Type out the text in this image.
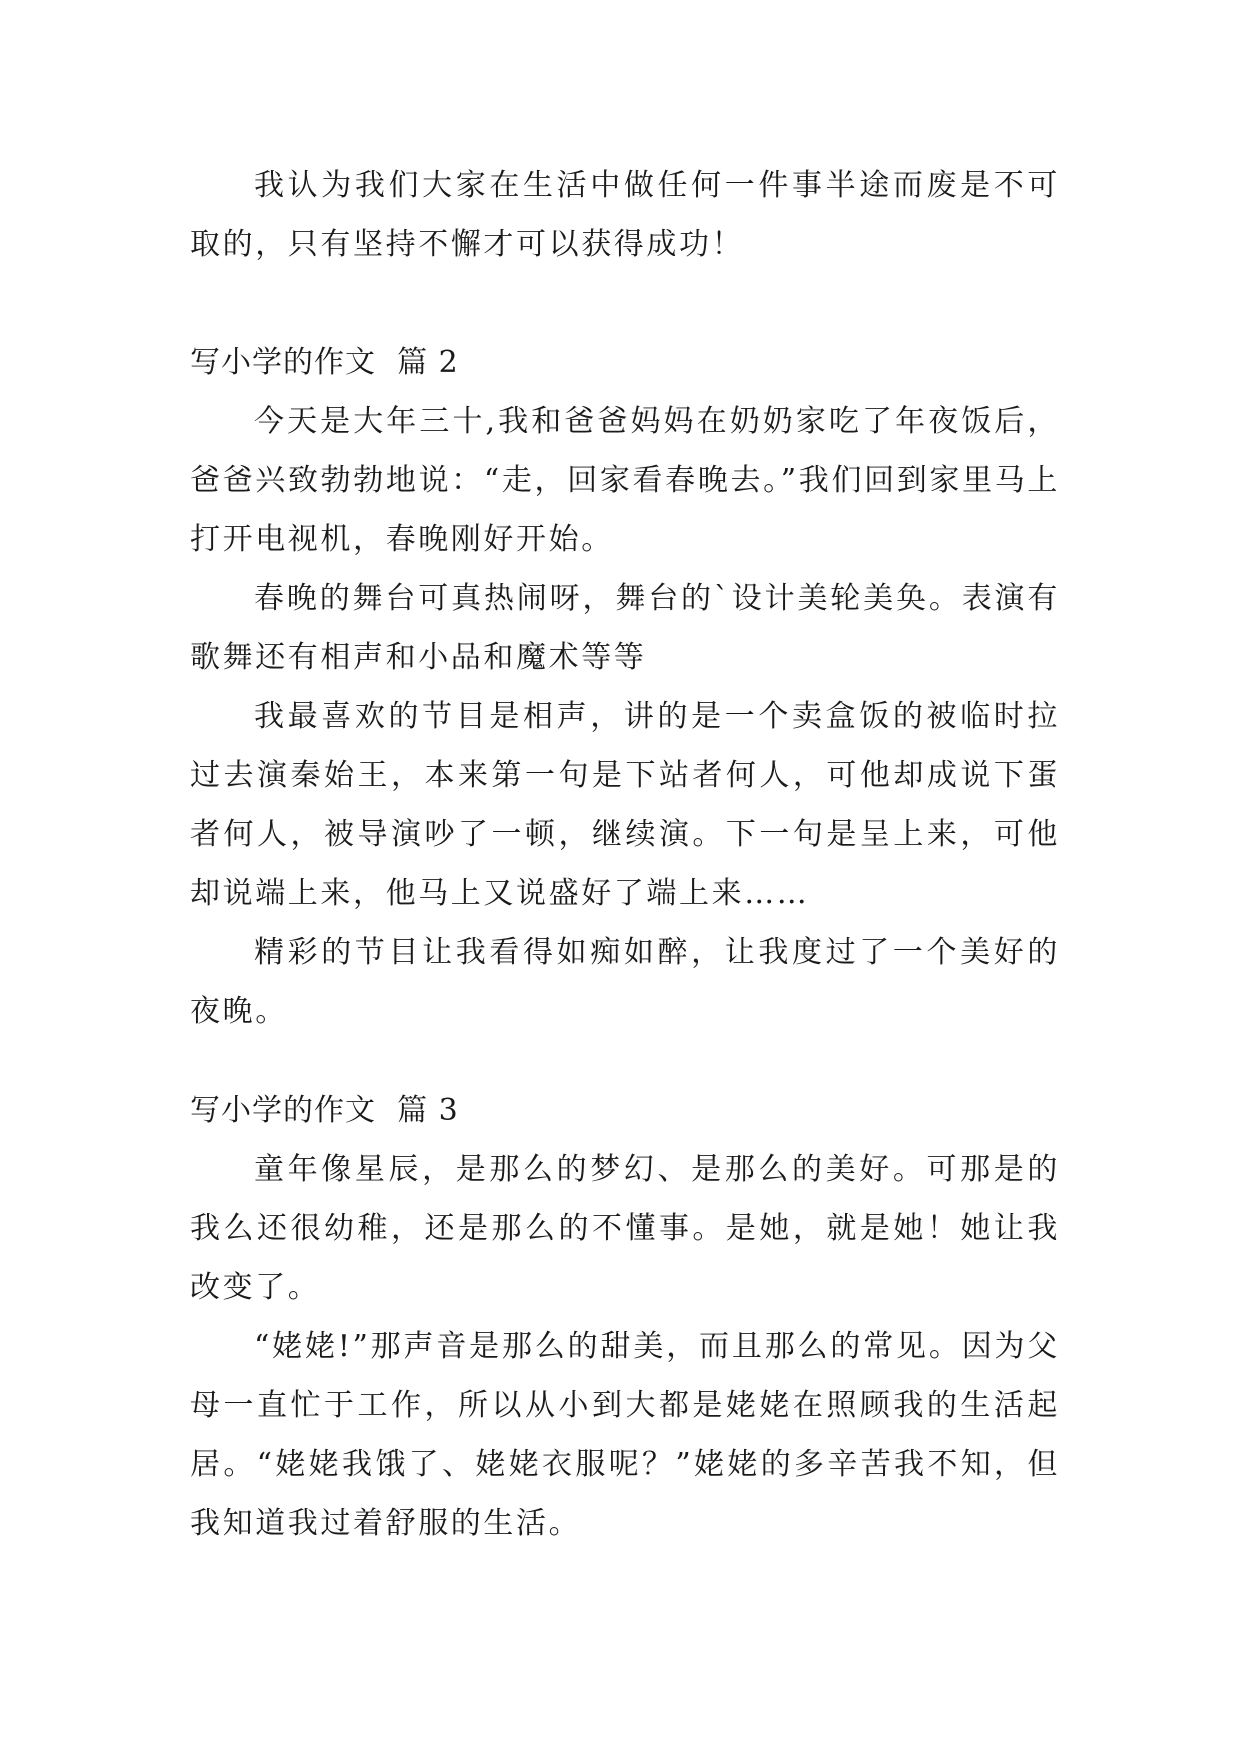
我认为我们大家在生活中做任何一件事半途而废是不可取的，只有坚持不懈才可以获得成功！

写小学的作文  篇 2

今天是大年三十,我和爸爸妈妈在奶奶家吃了年夜饭后，爸爸兴致勃勃地说：“走，回家看春晚去。”我们回到家里马上打开电视机，春晚刚好开始。

春晚的舞台可真热闹呀，舞台的`设计美轮美奂。表演有歌舞还有相声和小品和魔术等等

我最喜欢的节目是相声，讲的是一个卖盒饭的被临时拉过去演秦始王，本来第一句是下站者何人，可他却成说下蛋者何人，被导演吵了一顿，继续演。下一句是呈上来，可他却说端上来，他马上又说盛好了端上来……

精彩的节目让我看得如痴如醉，让我度过了一个美好的夜晚。

写小学的作文  篇 3

童年像星辰，是那么的梦幻、是那么的美好。可那是的我么还很幼稚，还是那么的不懂事。是她，就是她！她让我改变了。

“姥姥!”那声音是那么的甜美，而且那么的常见。因为父母一直忙于工作，所以从小到大都是姥姥在照顾我的生活起居。“姥姥我饿了、姥姥衣服呢？”姥姥的多辛苦我不知，但我知道我过着舒服的生活。
